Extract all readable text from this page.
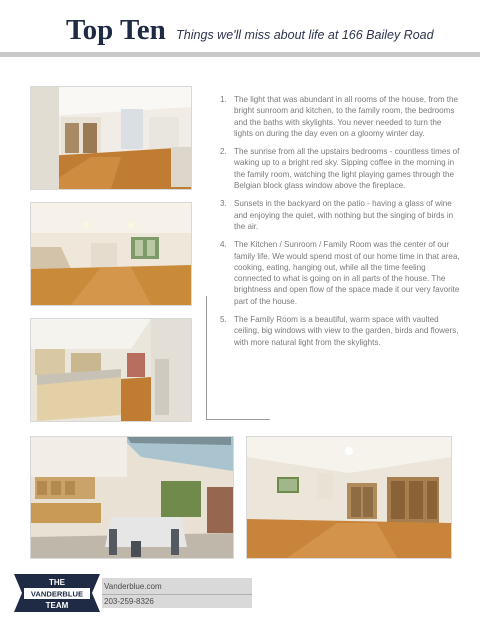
Top Ten Things we'll miss about life at 166 Bailey Road
1. The light that was abundant in all rooms of the house, from the bright sunroom and kitchen, to the family room, the bedrooms and the baths with skylights. You never needed to turn the lights on during the day even on a gloomy winter day.
2. The sunrise from all the upstairs bedrooms - countless times of waking up to a bright red sky. Sipping coffee in the morning in the family room, watching the light playing games through the Belgian block glass window above the fireplace.
3. Sunsets in the backyard on the patio - having a glass of wine and enjoying the quiet, with nothing but the singing of birds in the air.
4. The Kitchen / Sunroom / Family Room was the center of our family life. We would spend most of our home time in that area, cooking, eating, hanging out, while all the time feeling connected to what is going on in all parts of the house. The brightness and open flow of the space made it our very favorite part of the house.
5. The Family Room is a beautiful, warm space with vaulted ceiling, big windows with view to the garden, birds and flowers, with more natural light from the skylights.
THE
VANDERBLUE
TEAM
Vanderblue.com
203-259-8326
